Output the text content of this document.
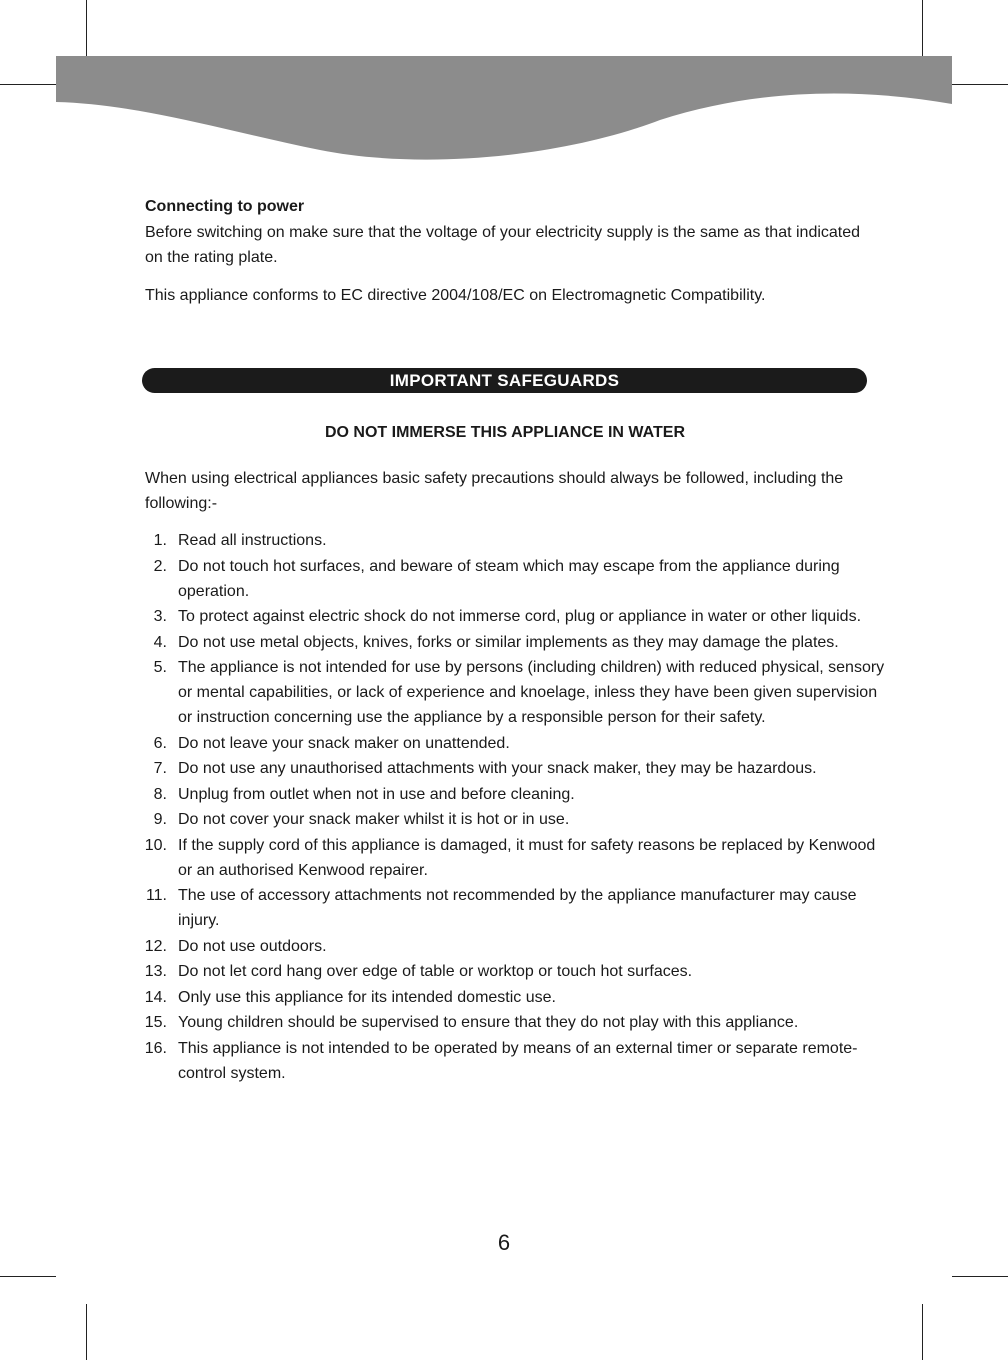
Connecting to power
Before switching on make sure that the voltage of your electricity supply is the same as that indicated on the rating plate.
This appliance conforms to EC directive 2004/108/EC on Electromagnetic Compatibility.
IMPORTANT SAFEGUARDS
DO NOT IMMERSE THIS APPLIANCE IN WATER
When using electrical appliances basic safety precautions should always be followed, including the following:-
1. Read all instructions.
2. Do not touch hot surfaces, and beware of steam which may escape from the appliance during operation.
3. To protect against electric shock do not immerse cord, plug or appliance in water or other liquids.
4. Do not use metal objects, knives, forks or similar implements as they may damage the plates.
5. The appliance is not intended for use by persons (including children) with reduced physical, sensory or mental capabilities, or lack of experience and knoelage, inless they have been given supervision or instruction concerning use the appliance by a responsible person for their safety.
6. Do not leave your snack maker on unattended.
7. Do not use any unauthorised attachments with your snack maker, they may be hazardous.
8. Unplug from outlet when not in use and before cleaning.
9. Do not cover your snack maker whilst it is hot or in use.
10. If the supply cord of this appliance is damaged, it must for safety reasons be replaced by Kenwood or an authorised Kenwood repairer.
11. The use of accessory attachments not recommended by the appliance manufacturer may cause injury.
12. Do not use outdoors.
13. Do not let cord hang over edge of table or worktop or touch hot surfaces.
14. Only use this appliance for its intended domestic use.
15. Young children should be supervised to ensure that they do not play with this appliance.
16. This appliance is not intended to be operated by means of an external timer or separate remote-control system.
6
